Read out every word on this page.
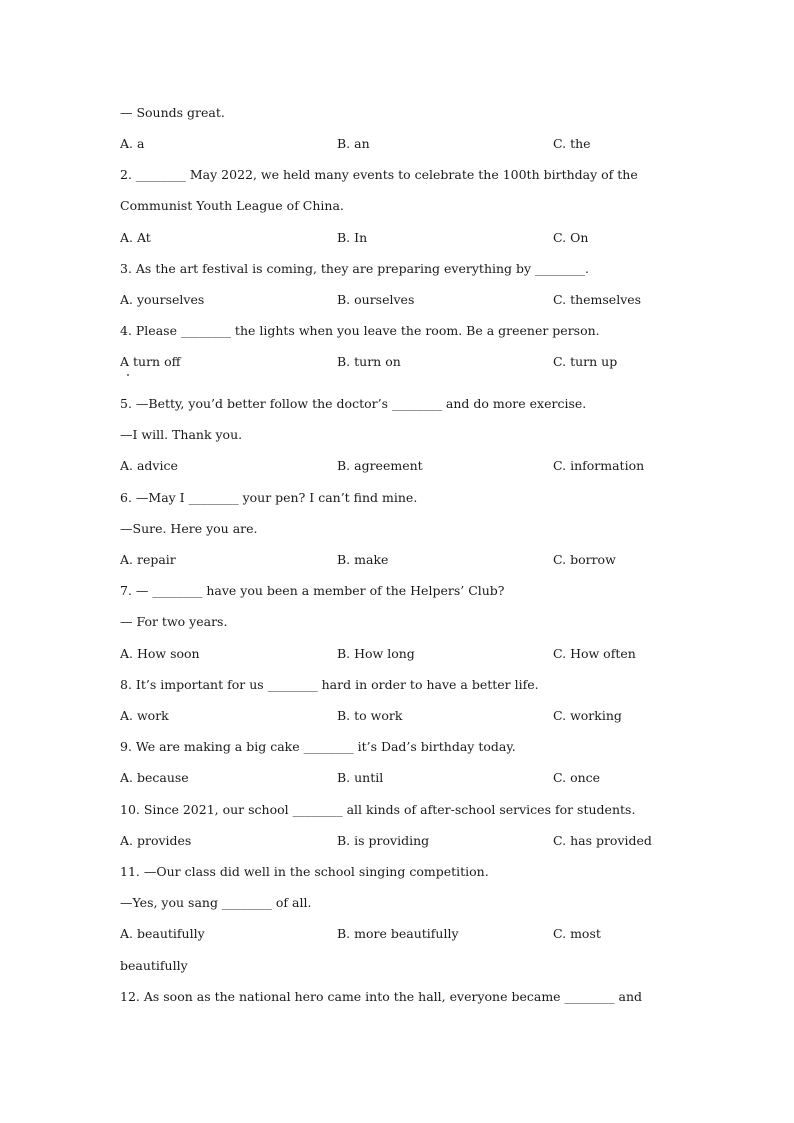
— Sounds great.
A. a	B. an	C. the
2. ________ May 2022, we held many events to celebrate the 100th birthday of the
Communist Youth League of China.
A. At	B. In	C. On
3. As the art festival is coming, they are preparing everything by ________.
A. yourselves	B. ourselves	C. themselves
4. Please ________ the lights when you leave the room. Be a greener person.
A turn off	B. turn on	C. turn up
5. —Betty, you’d better follow the doctor’s ________ and do more exercise.
—I will. Thank you.
A. advice	B. agreement	C. information
6. —May I ________ your pen? I can’t find mine.
—Sure. Here you are.
A. repair	B. make	C. borrow
7. — ________ have you been a member of the Helpers’ Club?
— For two years.
A. How soon	B. How long	C. How often
8. It’s important for us ________ hard in order to have a better life.
A. work	B. to work	C. working
9. We are making a big cake ________ it’s Dad’s birthday today.
A. because	B. until	C. once
10. Since 2021, our school ________ all kinds of after-school services for students.
A. provides	B. is providing	C. has provided
11. —Our class did well in the school singing competition.
—Yes, you sang ________ of all.
A. beautifully	B. more beautifully	C. most
beautifully
12. As soon as the national hero came into the hall, everyone became ________ and
